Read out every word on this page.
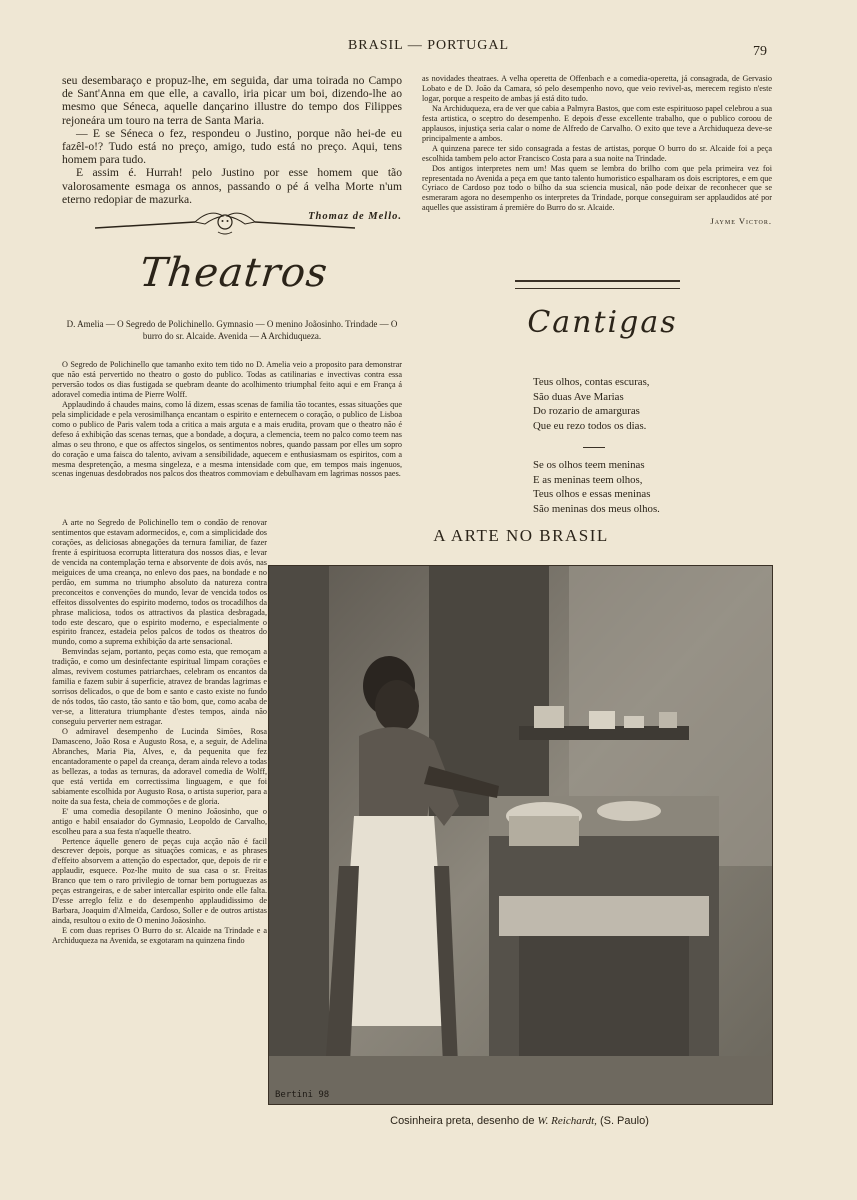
BRASIL — PORTUGAL	79

seu desembaraço e propuz-lhe, em seguida, dar uma toirada no Campo de Sant'Anna em que elle, a cavallo, iria picar um boi, dizendo-lhe ao mesmo que Séneca, aquelle dançarino illustre do tempo dos Filippes rejoneára um touro na terra de Santa Maria.

— E se Séneca o fez, respondeu o Justino, porque não hei-de eu fazêl-o!? Tudo está no preço, amigo, tudo está no preço. Aqui, tens homem para tudo.

E assim é. Hurrah! pelo Justino por esse homem que tão valorosamente esmaga os annos, passando o pé á velha Morte n'um eterno redopiar de mazurka.

Thomaz de Mello.

Theatros
D. Amelia — O Segredo de Polichinello. Gymnasio — O menino Joãosinho. Trindade — O burro do sr. Alcaide. Avenida — A Archiduqueza.

O Segredo de Polichinello que tamanho exito tem tido no D. Amelia veio a proposito para demonstrar que não está pervertido no theatro o gosto do publico. Todas as catilinarias e invectivas contra essa perversão todos os dias fustigada se quebram deante do acolhimento triumphal feito aqui e em França á adoravel comedia intima de Pierre Wolff.

Applaudindo á chaudes mains, como lá dizem, essas scenas de familia tão tocantes, essas situações que pela simplicidade e pela verosimilhança encantam o espirito e enternecem o coração, o publico de Lisboa como o publico de Paris valem toda a critica a mais arguta e a mais erudita, provam que o theatro não é defeso á exhibição das scenas ternas, que a bondade, a doçura, a clemencia, teem no palco como teem nas almas o seu throno, e que os affectos singelos, os sentimentos nobres, quando passam por elles um sopro do coração e uma faisca do talento, avivam a sensibilidade, aquecem e enthusiasmam os espiritos, com a mesma despretenção, a mesma singeleza, e a mesma intensidade com que, em tempos mais ingenuos, scenas ingenuas desdobrados nos palcos dos theatros commoviam e debulhavam em lagrimas nossos paes.

A arte no Segredo de Polichinello tem o condão de renovar sentimentos que estavam adormecidos, e, com a simplicidade dos corações, as deliciosas abnegações da ternura familiar, de fazer frente á espirituosa ecorrupta litteratura dos nossos dias, e levar de vencida na contemplação terna e absorvente de dois avós, nas meiguices de uma creança, no enlevo dos paes, na bondade e no perdão, em summa no triumpho absoluto da natureza contra preconceitos e convenções do mundo, levar de vencida todos os effeitos dissolventes do espirito moderno, todos os trocadilhos da phrase maliciosa, todos os attractivos da plastica desbragada, todo este descaro, que o espirito moderno, e especialmente o espirito francez, estadeia pelos palcos de todos os theatros do mundo, como a suprema exhibição da arte sensacional.

Bemvindas sejam, portanto, peças como esta, que remoçam a tradição, e como um desinfectante espiritual limpam corações e almas, revivem costumes patriarchaes, celebram os encantos da familia e fazem subir á superficie, atravez de brandas lagrimas e sorrisos delicados, o que de bom e santo e casto existe no fundo de nós todos, tão casto, tão santo e tão bom, que, como acaba de ver-se, a litteratura triumphante d'estes tempos, ainda não conseguiu perverter nem estragar.

O admiravel desempenho de Lucinda Simões, Rosa Damasceno, João Rosa e Augusto Rosa, e, a seguir, de Adelina Abranches, Maria Pia, Alves, e, da pequenita que fez encantadoramente o papel da creança, deram ainda relevo a todas as bellezas, a todas as ternuras, da adoravel comedia de Wolff, que está vertida em correctissima linguagem, e que foi sabiamente escolhida por Augusto Rosa, o artista superior, para a noite da sua festa, cheia de commoções e de gloria.

E' uma comedia desopilante O menino Joãosinho, que o antigo e habil ensaiador do Gymnasio, Leopoldo de Carvalho, escolheu para a sua festa n'aquelle theatro.

Pertence áquelle genero de peças cuja acção não é facil descrever depois, porque as situações comicas, e as phrases d'effeito absorvem a attenção do espectador, que, depois de rir e applaudir, esquece. Poz-lhe muito de sua casa o sr. Freitas Branco que tem o raro privilegio de tornar bem portuguezas as peças estrangeiras, e de saber intercallar espirito onde elle falta. D'esse arreglo feliz e do desempenho applaudidissimo de Barbara, Joaquim d'Almeida, Cardoso, Soller e de outros artistas ainda, resultou o exito de O menino Joãosinho.

E com duas reprises O Burro do sr. Alcaide na Trindade e a Archiduqueza na Avenida, se exgotaram na quinzena findo

as novidades theatraes. A velha operetta de Offenbach e a comedia-operetta, já consagrada, de Gervasio Lobato e de D. João da Camara, só pelo desempenho novo, que veio revivel-as, merecem registo n'este logar, porque a respeito de ambas já está dito tudo.

Na Archiduqueza, era de ver que cabia a Palmyra Bastos, que com este espirituoso papel celebrou a sua festa artistica, o sceptro do desempenho. E depois d'esse excellente trabalho, que o publico coroou de applausos, injustiça seria calar o nome de Alfredo de Carvalho. O exito que teve a Archiduqueza deve-se principalmente a ambos.

A quinzena parece ter sido consagrada a festas de artistas, porque O burro do sr. Alcaide foi a peça escolhida tambem pelo actor Francisco Costa para a sua noite na Trindade.

Dos antigos interpretes nem um! Mas quem se lembra do brilho com que pela primeira vez foi representada no Avenida a peça em que tanto talento humoristico espalharam os dois escriptores, e em que Cyriaco de Cardoso poz todo o bilho da sua sciencia musical, não pode deixar de reconhecer que se esmeraram agora no desempenho os interpretes da Trindade, porque conseguiram ser applaudidos até por aquelles que assistiram á première do Burro do sr. Alcaide.

Jayme Victor.

Cantigas
Teus olhos, contas escuras,
São duas Ave Marias
Do rozario de amarguras
Que eu rezo todos os dias.
Se os olhos teem meninas
E as meninas teem olhos,
Teus olhos e essas meninas
São meninas dos meus olhos.
A ARTE NO BRASIL
Bertini 98
Cosinheira preta, desenho de W. Reichardt, (S. Paulo)
